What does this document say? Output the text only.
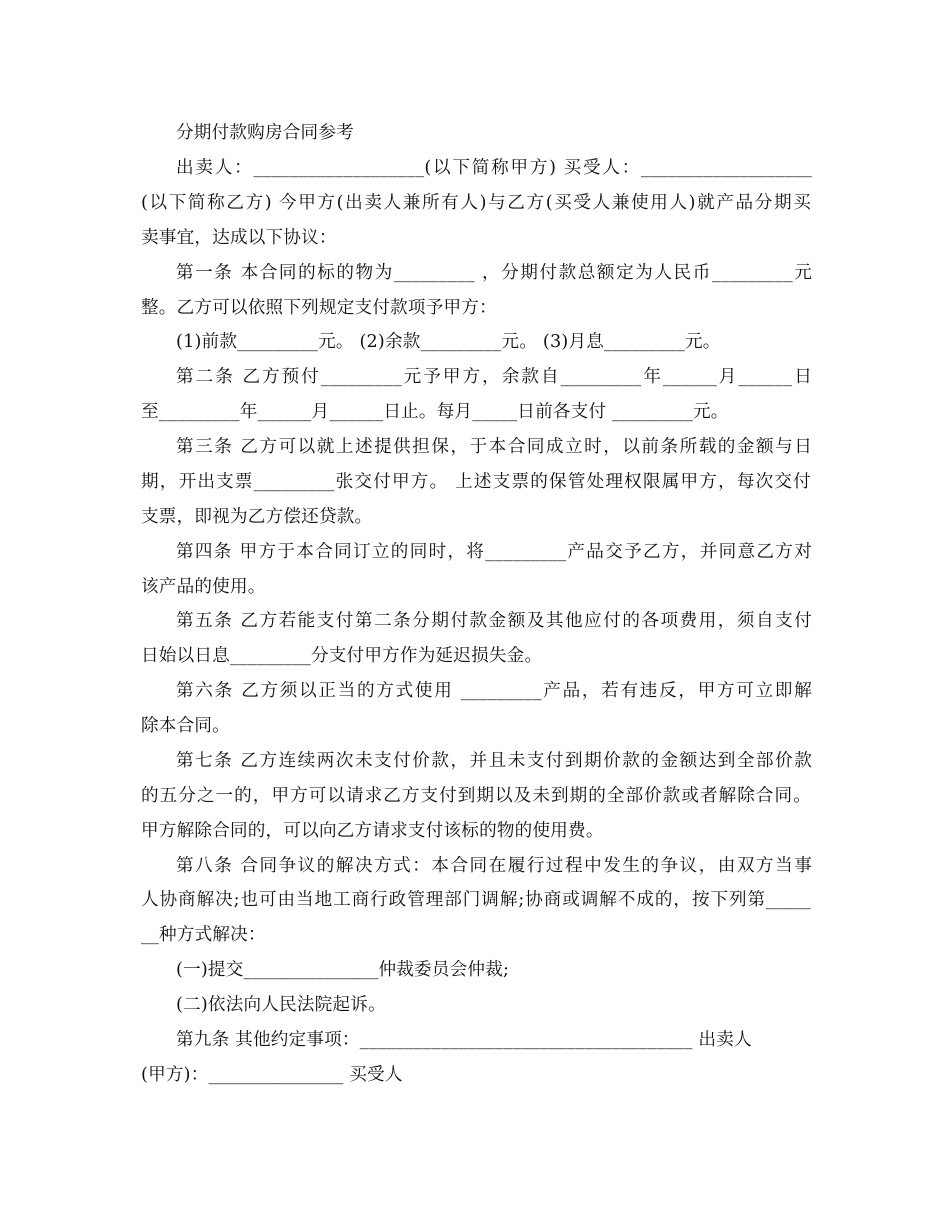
分期付款购房合同参考
出卖人：___________________(以下简称甲方) 买受人：___________________
(以下简称乙方) 今甲方(出卖人兼所有人)与乙方(买受人兼使用人)就产品分期买
卖事宜，达成以下协议：
第一条 本合同的标的物为_________ ，分期付款总额定为人民币_________元
整。乙方可以依照下列规定支付款项予甲方：
(1)前款_________元。 (2)余款_________元。 (3)月息_________元。
第二条 乙方预付_________元予甲方，余款自_________年______月______日
至_________年______月______日止。每月_____日前各支付 _________元。
第三条 乙方可以就上述提供担保，于本合同成立时，以前条所载的金额与日
期，开出支票_________张交付甲方。 上述支票的保管处理权限属甲方，每次交付
支票，即视为乙方偿还贷款。
第四条 甲方于本合同订立的同时，将_________产品交予乙方，并同意乙方对
该产品的使用。
第五条 乙方若能支付第二条分期付款金额及其他应付的各项费用，须自支付
日始以日息_________分支付甲方作为延迟损失金。
第六条 乙方须以正当的方式使用 _________产品，若有违反，甲方可立即解
除本合同。
第七条 乙方连续两次未支付价款，并且未支付到期价款的金额达到全部价款
的五分之一的，甲方可以请求乙方支付到期以及未到期的全部价款或者解除合同。
甲方解除合同的，可以向乙方请求支付该标的物的使用费。
第八条 合同争议的解决方式：本合同在履行过程中发生的争议，由双方当事
人协商解决;也可由当地工商行政管理部门调解;协商或调解不成的，按下列第_____
__种方式解决：
(一)提交_______________仲裁委员会仲裁;
(二)依法向人民法院起诉。
第九条 其他约定事项：_____________________________________ 出卖人
(甲方)：_______________ 买受人
